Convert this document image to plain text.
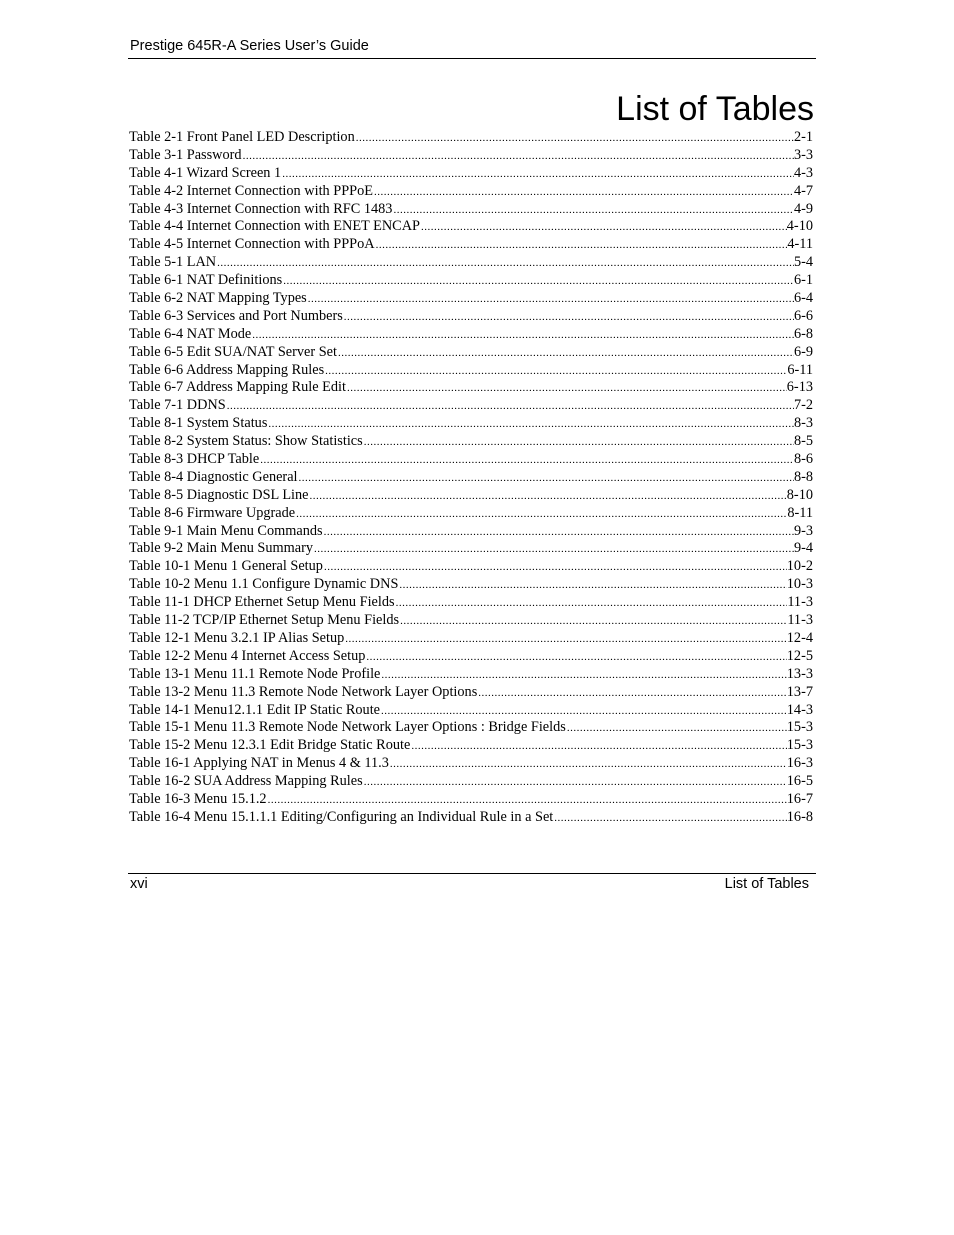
Prestige 645R-A Series User’s Guide
List of Tables
Table 2-1 Front Panel LED Description .....	2-1
Table 3-1 Password .....	3-3
Table 4-1 Wizard Screen 1 .....	4-3
Table 4-2 Internet Connection with PPPoE .....	4-7
Table 4-3 Internet Connection with RFC 1483 .....	4-9
Table 4-4 Internet Connection with ENET ENCAP .....	4-10
Table 4-5 Internet Connection with PPPoA .....	4-11
Table 5-1 LAN .....	5-4
Table 6-1 NAT Definitions .....	6-1
Table 6-2 NAT Mapping Types .....	6-4
Table 6-3 Services and Port Numbers .....	6-6
Table 6-4 NAT Mode .....	6-8
Table 6-5 Edit SUA/NAT Server Set .....	6-9
Table 6-6 Address Mapping Rules .....	6-11
Table 6-7 Address Mapping Rule Edit .....	6-13
Table 7-1 DDNS .....	7-2
Table 8-1 System Status .....	8-3
Table 8-2 System Status: Show Statistics .....	8-5
Table 8-3 DHCP Table .....	8-6
Table 8-4 Diagnostic General .....	8-8
Table 8-5 Diagnostic DSL Line .....	8-10
Table 8-6 Firmware Upgrade .....	8-11
Table 9-1 Main Menu Commands .....	9-3
Table 9-2 Main Menu Summary .....	9-4
Table 10-1 Menu 1 General Setup .....	10-2
Table 10-2 Menu 1.1 Configure Dynamic DNS .....	10-3
Table 11-1 DHCP Ethernet Setup Menu Fields .....	11-3
Table 11-2 TCP/IP Ethernet Setup Menu Fields .....	11-3
Table 12-1 Menu 3.2.1 IP Alias Setup .....	12-4
Table 12-2 Menu 4 Internet Access Setup .....	12-5
Table 13-1 Menu 11.1 Remote Node Profile .....	13-3
Table 13-2 Menu 11.3 Remote Node Network Layer Options .....	13-7
Table 14-1 Menu12.1.1 Edit IP Static Route .....	14-3
Table 15-1 Menu 11.3 Remote Node Network Layer Options : Bridge Fields .....	15-3
Table 15-2 Menu 12.3.1 Edit Bridge Static Route .....	15-3
Table 16-1 Applying NAT in Menus 4 & 11.3 .....	16-3
Table 16-2 SUA Address Mapping Rules .....	16-5
Table 16-3 Menu 15.1.2 .....	16-7
Table 16-4 Menu 15.1.1.1 Editing/Configuring an Individual Rule in a Set .....	16-8
xvi	List of Tables
